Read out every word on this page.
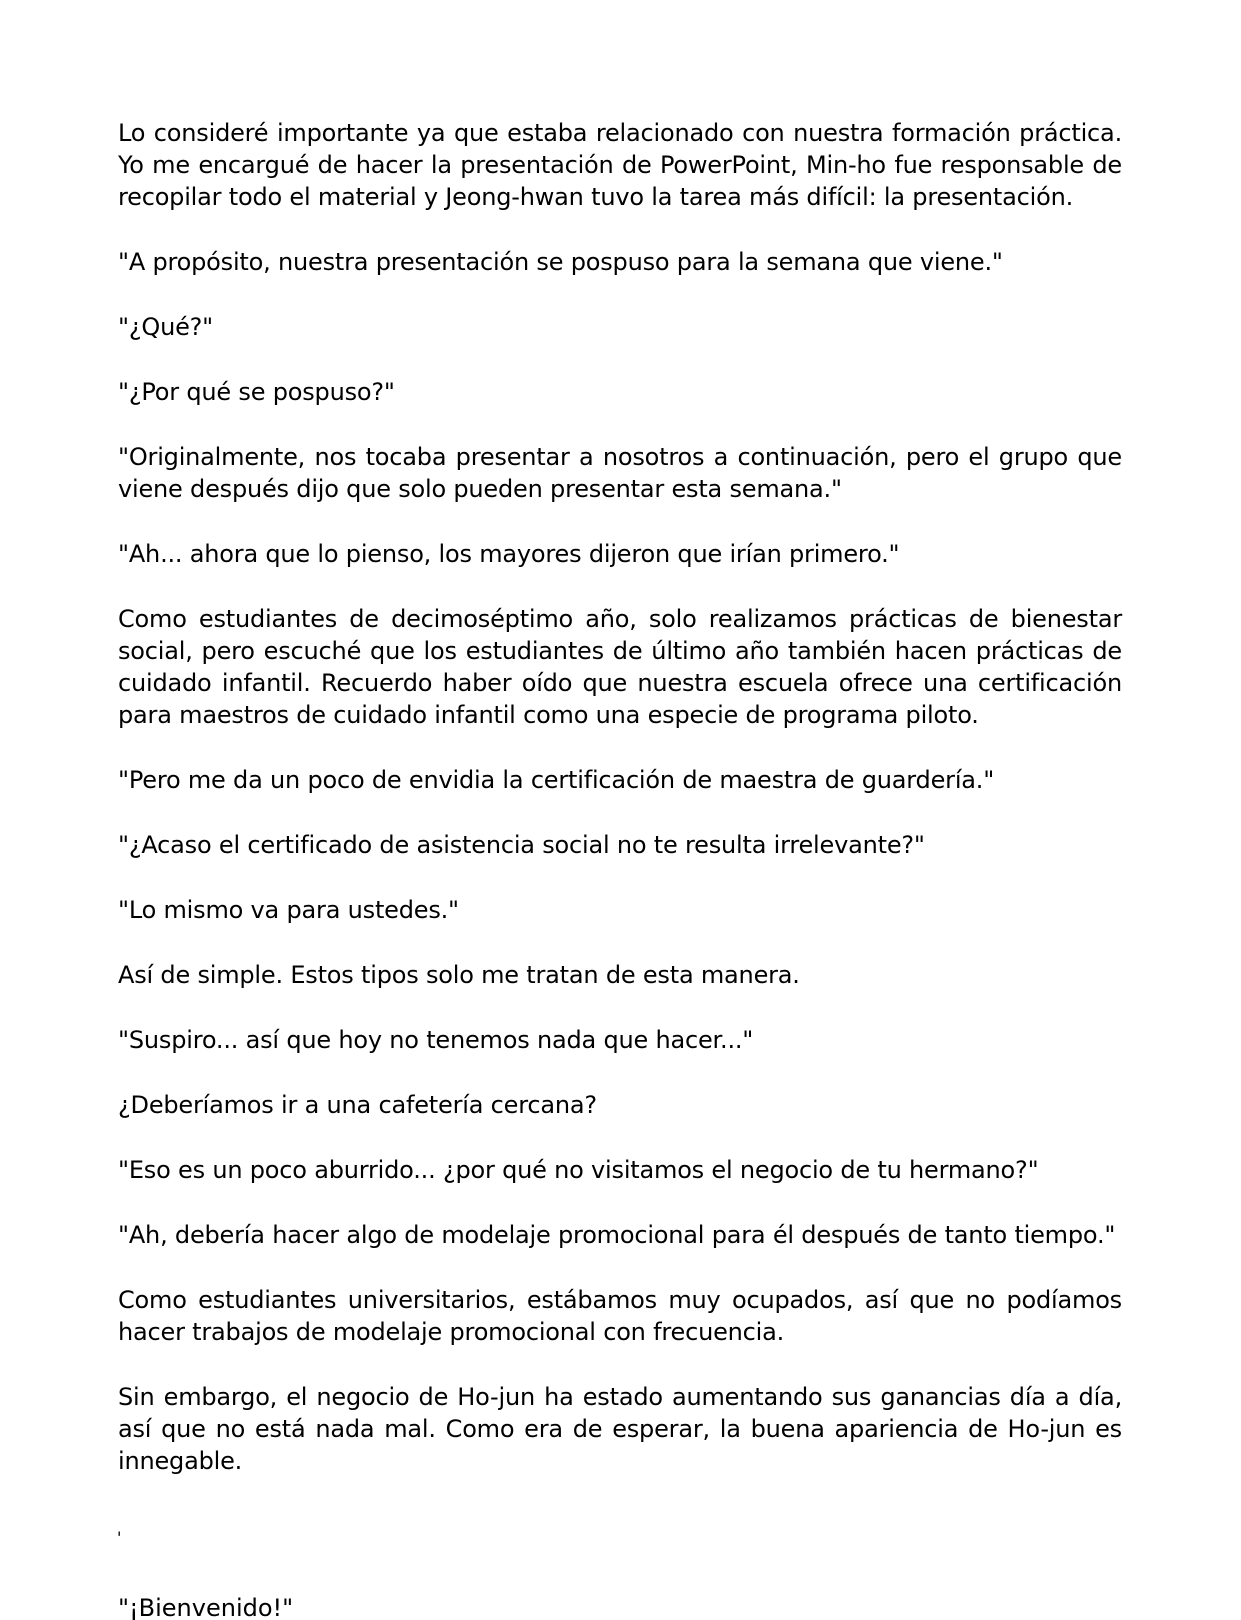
Lo consideré importante ya que estaba relacionado con nuestra formación práctica. Yo me encargué de hacer la presentación de PowerPoint, Min-ho fue responsable de recopilar todo el material y Jeong-hwan tuvo la tarea más difícil: la presentación.

"A propósito, nuestra presentación se pospuso para la semana que viene."

"¿Qué?"

"¿Por qué se pospuso?"

"Originalmente, nos tocaba presentar a nosotros a continuación, pero el grupo que viene después dijo que solo pueden presentar esta semana."

"Ah... ahora que lo pienso, los mayores dijeron que irían primero."

Como estudiantes de decimoséptimo año, solo realizamos prácticas de bienestar social, pero escuché que los estudiantes de último año también hacen prácticas de cuidado infantil. Recuerdo haber oído que nuestra escuela ofrece una certificación para maestros de cuidado infantil como una especie de programa piloto.

"Pero me da un poco de envidia la certificación de maestra de guardería."

"¿Acaso el certificado de asistencia social no te resulta irrelevante?"

"Lo mismo va para ustedes."

Así de simple. Estos tipos solo me tratan de esta manera.

"Suspiro... así que hoy no tenemos nada que hacer..."

¿Deberíamos ir a una cafetería cercana?

"Eso es un poco aburrido... ¿por qué no visitamos el negocio de tu hermano?"

"Ah, debería hacer algo de modelaje promocional para él después de tanto tiempo."

Como estudiantes universitarios, estábamos muy ocupados, así que no podíamos hacer trabajos de modelaje promocional con frecuencia.

Sin embargo, el negocio de Ho-jun ha estado aumentando sus ganancias día a día, así que no está nada mal. Como era de esperar, la buena apariencia de Ho-jun es innegable.

'
"¡Bienvenido!"
